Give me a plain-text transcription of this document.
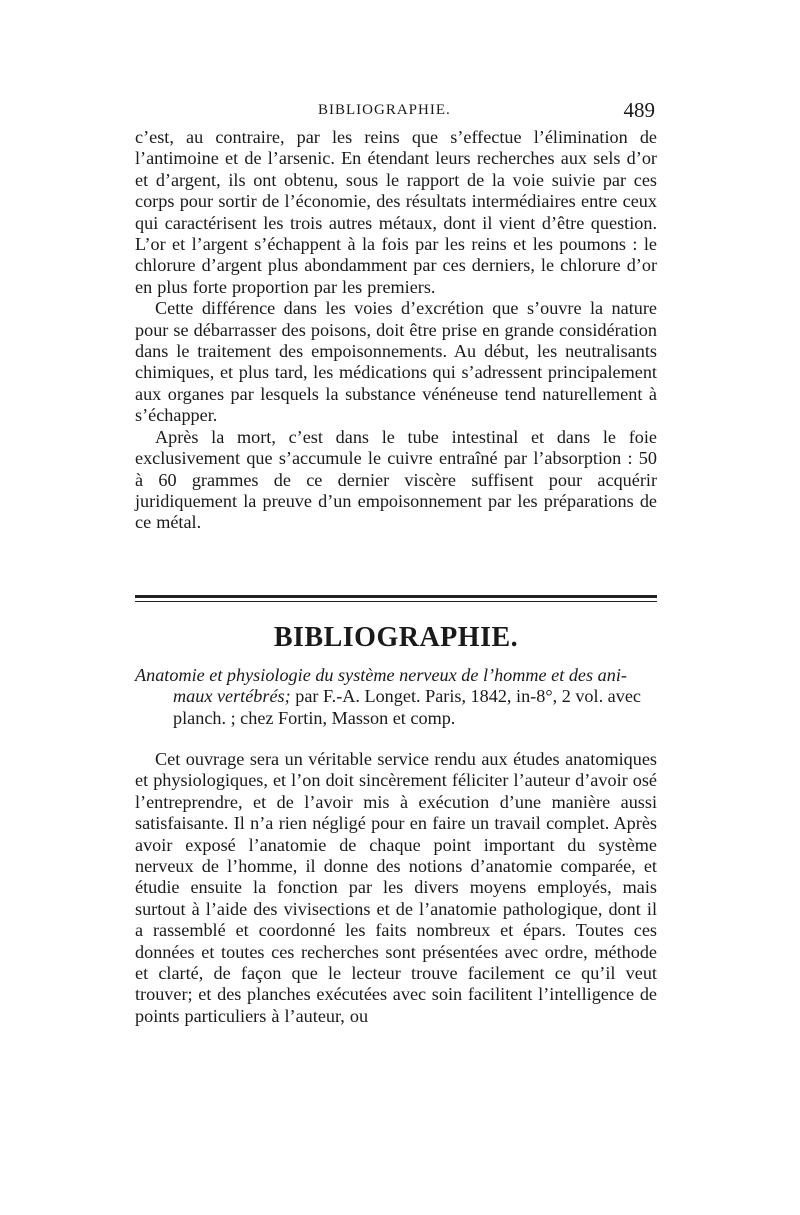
BIBLIOGRAPHIE.	489

c’est, au contraire, par les reins que s’effectue l’élimination de l’antimoine et de l’arsenic. En étendant leurs recherches aux sels d’or et d’argent, ils ont obtenu, sous le rapport de la voie suivie par ces corps pour sortir de l’économie, des résultats intermédiaires entre ceux qui caractérisent les trois autres métaux, dont il vient d’être question. L’or et l’argent s’échappent à la fois par les reins et les poumons : le chlorure d’argent plus abondamment par ces derniers, le chlorure d’or en plus forte proportion par les premiers.

Cette différence dans les voies d’excrétion que s’ouvre la nature pour se débarrasser des poisons, doit être prise en grande considération dans le traitement des empoisonnements. Au début, les neutralisants chimiques, et plus tard, les médications qui s’adressent principalement aux organes par lesquels la substance vénéneuse tend naturellement à s’échapper.

Après la mort, c’est dans le tube intestinal et dans le foie exclusivement que s’accumule le cuivre entraîné par l’absorption : 50 à 60 grammes de ce dernier viscère suffisent pour acquérir juridiquement la preuve d’un empoisonnement par les préparations de ce métal.

BIBLIOGRAPHIE.
Anatomie et physiologie du système nerveux de l’homme et des ani-
maux vertébrés; par F.-A. Longet. Paris, 1842, in-8°, 2 vol. avec
planch. ; chez Fortin, Masson et comp.

Cet ouvrage sera un véritable service rendu aux études anatomiques et physiologiques, et l’on doit sincèrement féliciter l’auteur d’avoir osé l’entreprendre, et de l’avoir mis à exécution d’une manière aussi satisfaisante. Il n’a rien négligé pour en faire un travail complet. Après avoir exposé l’anatomie de chaque point important du système nerveux de l’homme, il donne des notions d’anatomie comparée, et étudie ensuite la fonction par les divers moyens employés, mais surtout à l’aide des vivisections et de l’anatomie pathologique, dont il a rassemblé et coordonné les faits nombreux et épars. Toutes ces données et toutes ces recherches sont présentées avec ordre, méthode et clarté, de façon que le lecteur trouve facilement ce qu’il veut trouver; et des planches exécutées avec soin facilitent l’intelligence de points particuliers à l’auteur, ou
